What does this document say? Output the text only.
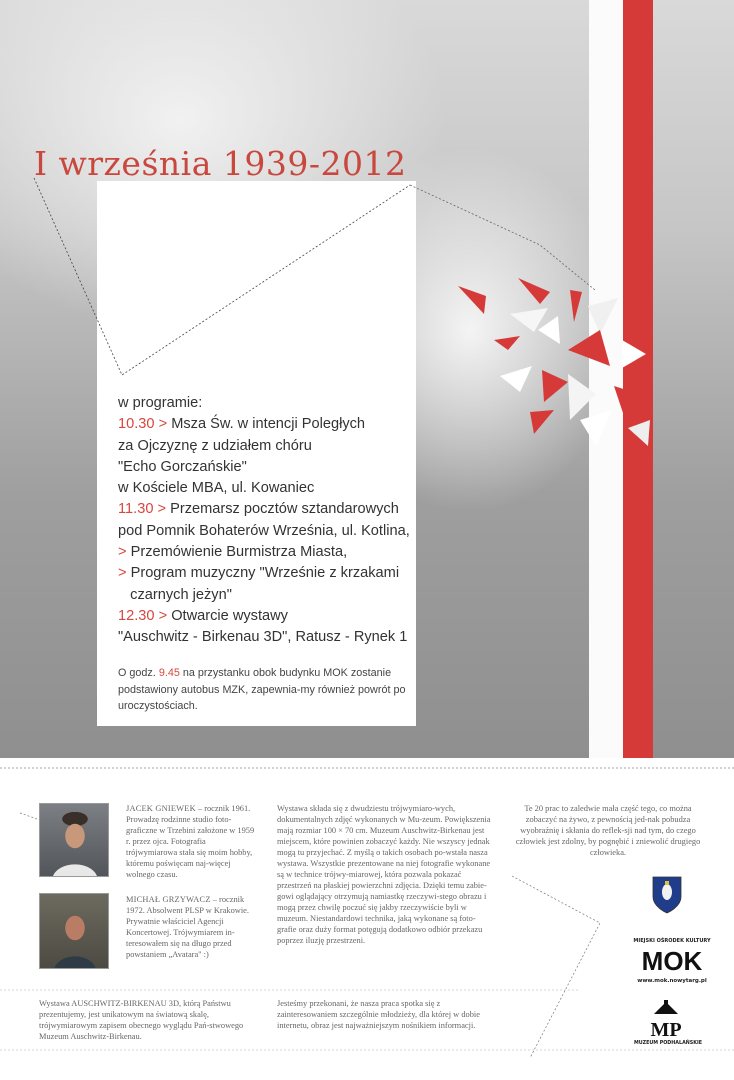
I września 1939-2012
w programie:
10.30 > Msza Św. w intencji Poległych
za Ojczyznę z udziałem chóru
"Echo Gorczańskie"
w Kościele MBA, ul. Kowaniec
11.30 > Przemarsz pocztów sztandarowych
pod Pomnik Bohaterów Września, ul. Kotlina,
> Przemówienie Burmistrza Miasta,
> Program muzyczny "Wrześnie z krzakami
czarnych jeżyn"
12.30 > Otwarcie wystawy
"Auschwitz - Birkenau 3D", Ratusz - Rynek 1
O godz. 9.45 na przystanku obok budynku MOK zostanie podstawiony autobus MZK, zapewnia-my również powrót po uroczystościach.
JACEK GNIEWEK – rocznik 1961. Prowadzę rodzinne studio foto-graficzne w Trzebini założone w 1959 r. przez ojca. Fotografia trójwymiarowa stała się moim hobby, któremu poświęcam naj-więcej wolnego czasu.
MICHAŁ GRZYWACZ – rocznik 1972. Absolwent PLSP w Krakowie. Prywatnie właściciel Agencji Koncertowej. Trójwymiarem in-teresowałem się na długo przed powstaniem „Avatara" :)
Wystawa składa się z dwudziestu trójwymiaro-wych, dokumentalnych zdjęć wykonanych w Mu-zeum. Powiększenia mają rozmiar 100 × 70 cm. Muzeum Auschwitz-Birkenau jest miejscem, które powinien zobaczyć każdy. Nie wszyscy jednak mogą tu przyjechać. Z myślą o takich osobach po-wstała nasza wystawa. Wszystkie prezentowane na niej fotografie wykonane są w technice trójwy-miarowej, która pozwala pokazać przestrzeń na płaskiej powierzchni zdjęcia. Dzięki temu zabie-gowi oglądający otrzymują namiastkę rzeczywi-stego obrazu i mogą przez chwilę poczuć się jakby rzeczywiście byli w muzeum. Niestandardowi technika, jaką wykonane są foto-grafie oraz duży format potęgują dodatkowo odbiór przekazu poprzez iluzję przestrzeni.
Te 20 prac to zaledwie mała część tego, co można zobaczyć na żywo, z pewnością jed-nak pobudza wyobraźnię i skłania do reflek-sji nad tym, do czego człowiek jest zdolny, by pognębić i zniewolić drugiego człowieka.
Wystawa AUSCHWITZ-BIRKENAU 3D, którą Państwu prezentujemy, jest unikatowym na światową skalę, trójwymiarowym zapisem obecnego wyglądu Pań-stwowego Muzeum Auschwitz-Birkenau.
Jesteśmy przekonani, że nasza praca spotka się z zainteresowaniem szczególnie młodzieży, dla której w dobie internetu, obraz jest najważniejszym nośnikiem informacji.
MIEJSKI OŚRODEK KULTURY
MOK
www.mok.nowytarg.pl
MP
MUZEUM PODHALAŃSKIE
